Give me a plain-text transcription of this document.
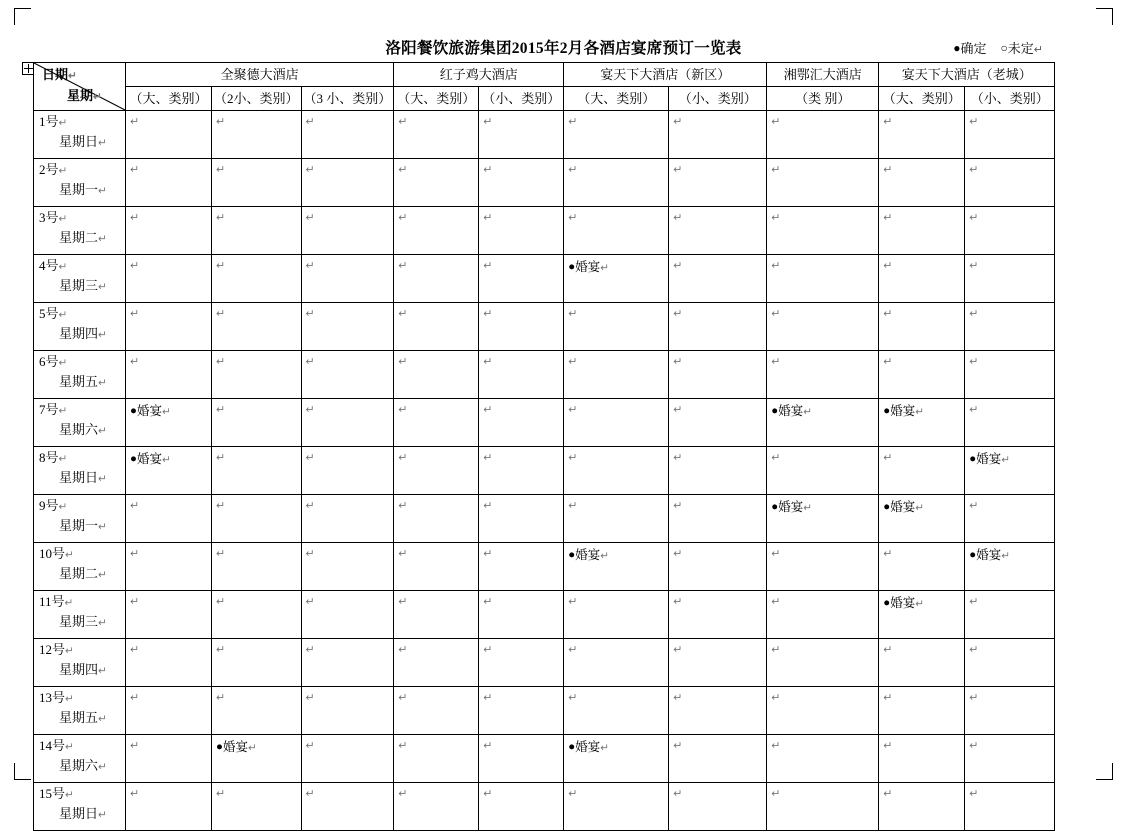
洛阳餐饮旅游集团2015年2月各酒店宴席预订一览表	●确定 ○未定↵
日期↵
星期↵	全聚德大酒店			红子鸡大酒店		宴天下大酒店（新区）		湘鄂汇大酒店	宴天下大酒店（老城）	
	（大、类别）	（2小、类别）	（3 小、类别）	（大、类别）	（小、类别）	（大、类别）	（小、类别）	（类 别）	（大、类别）	（小、类别）

1号↵
星期日↵	↵	↵	↵	↵	↵	↵	↵	↵	↵	↵

2号↵
星期一↵	↵	↵	↵	↵	↵	↵	↵	↵	↵	↵

3号↵
星期二↵	↵	↵	↵	↵	↵	↵	↵	↵	↵	↵

4号↵
星期三↵	↵	↵	↵	↵	↵	●婚宴↵	↵	↵	↵	↵

5号↵
星期四↵	↵	↵	↵	↵	↵	↵	↵	↵	↵	↵

6号↵
星期五↵	↵	↵	↵	↵	↵	↵	↵	↵	↵	↵

7号↵
星期六↵	●婚宴↵	↵	↵	↵	↵	↵	↵	●婚宴↵	●婚宴↵	↵

8号↵
星期日↵	●婚宴↵	↵	↵	↵	↵	↵	↵	↵	↵	●婚宴↵

9号↵
星期一↵	↵	↵	↵	↵	↵	↵	↵	●婚宴↵	●婚宴↵	↵

10号↵
星期二↵	↵	↵	↵	↵	↵	●婚宴↵	↵	↵	↵	●婚宴↵

11号↵
星期三↵	↵	↵	↵	↵	↵	↵	↵	↵	●婚宴↵	↵

12号↵
星期四↵	↵	↵	↵	↵	↵	↵	↵	↵	↵	↵

13号↵
星期五↵	↵	↵	↵	↵	↵	↵	↵	↵	↵	↵

14号↵
星期六↵	↵	●婚宴↵	↵	↵	↵	●婚宴↵	↵	↵	↵	↵

15号↵
星期日↵	↵	↵	↵	↵	↵	↵	↵	↵	↵	↵
